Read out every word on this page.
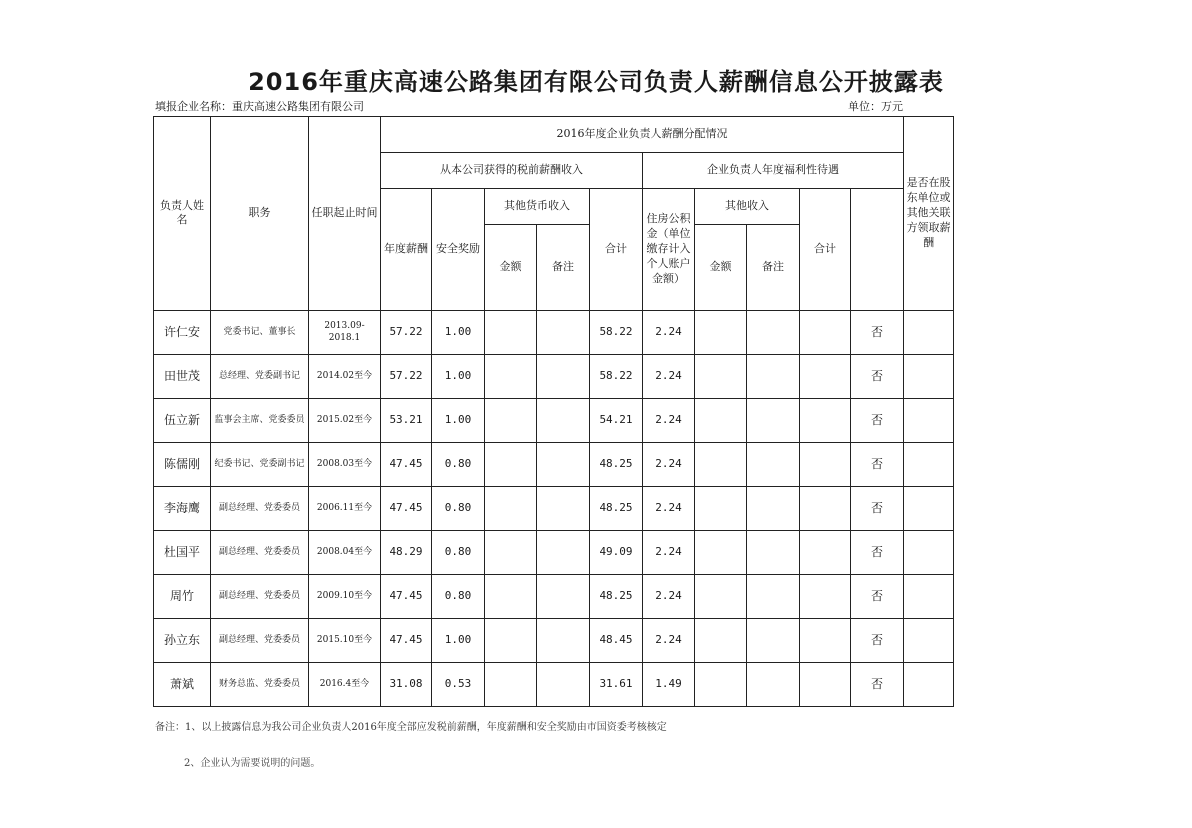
2016年重庆高速公路集团有限公司负责人薪酬信息公开披露表
填报企业名称：重庆高速公路集团有限公司	单位：万元
负责人姓名	职务	任职起止时间	2016年度企业负责人薪酬分配情况										是否在股东单位或其他关联方领取薪酬	
			从本公司获得的税前薪酬收入					企业负责人年度福利性待遇						
			年度薪酬	安全奖励	其他货币收入		合计	住房公积金（单位缴存计入个人账户金额）	其他收入		合计			
					金额	备注			金额	备注				
许仁安	党委书记、董事长	2013.09-2018.1	57.22	1.00			58.22	2.24				否		
田世茂	总经理、党委副书记	2014.02至今	57.22	1.00			58.22	2.24				否		
伍立新	监事会主席、党委委员	2015.02至今	53.21	1.00			54.21	2.24				否		
陈儒刚	纪委书记、党委副书记	2008.03至今	47.45	0.80			48.25	2.24				否		
李海鹰	副总经理、党委委员	2006.11至今	47.45	0.80			48.25	2.24				否		
杜国平	副总经理、党委委员	2008.04至今	48.29	0.80			49.09	2.24				否		
周竹	副总经理、党委委员	2009.10至今	47.45	0.80			48.25	2.24				否		
孙立东	副总经理、党委委员	2015.10至今	47.45	1.00			48.45	2.24				否		
萧斌	财务总监、党委委员	2016.4至今	31.08	0.53			31.61	1.49				否		
备注：1、以上披露信息为我公司企业负责人2016年度全部应发税前薪酬，年度薪酬和安全奖励由市国资委考核核定
2、企业认为需要说明的问题。
